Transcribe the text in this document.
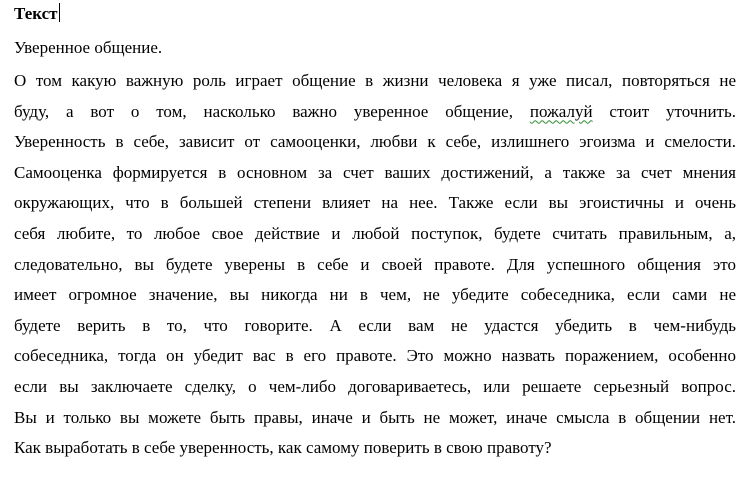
Текст
Уверенное общение.
О том какую важную роль играет общение в жизни человека я уже писал, повторяться не
буду, а вот о том, насколько важно уверенное общение, пожалуй стоит уточнить.
Уверенность в себе, зависит от самооценки, любви к себе, излишнего эгоизма и смелости.
Самооценка формируется в основном за счет ваших достижений, а также за счет мнения
окружающих, что в большей степени влияет на нее. Также если вы эгоистичны и очень
себя любите, то любое свое действие и любой поступок, будете считать правильным, а,
следовательно, вы будете уверены в себе и своей правоте. Для успешного общения это
имеет огромное значение, вы никогда ни в чем, не убедите собеседника, если сами не
будете верить в то, что говорите. А если вам не удастся убедить в чем-нибудь
собеседника, тогда он убедит вас в его правоте. Это можно назвать поражением, особенно
если вы заключаете сделку, о чем-либо договариваетесь, или решаете серьезный вопрос.
Вы и только вы можете быть правы, иначе и быть не может, иначе смысла в общении нет.
Как выработать в себе уверенность, как самому поверить в свою правоту?
